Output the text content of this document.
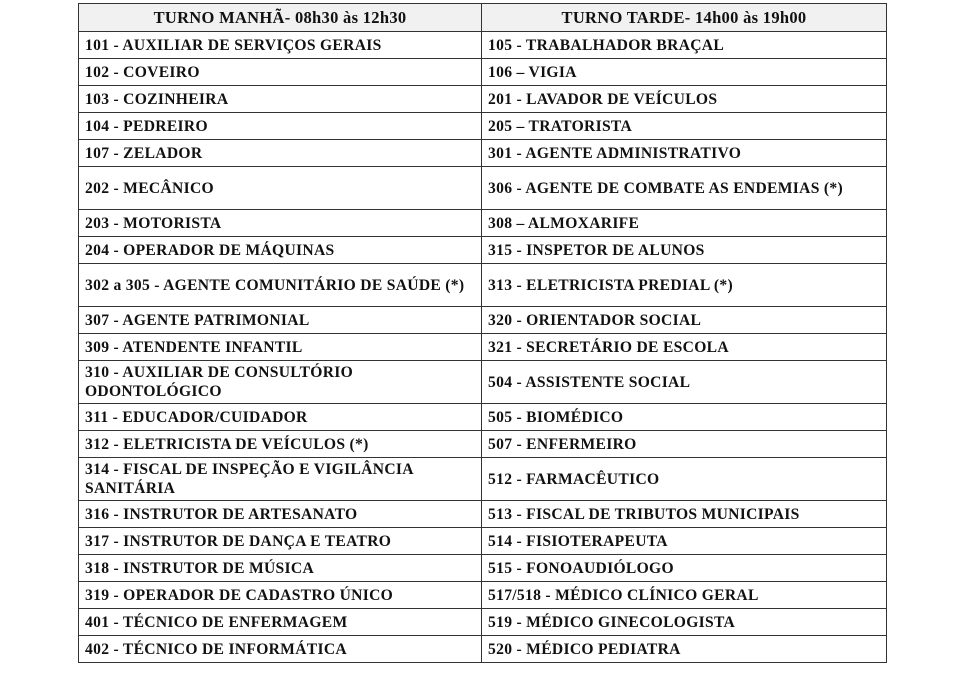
TURNO MANHÃ- 08h30 às 12h30	TURNO TARDE- 14h00 às 19h00
101 - AUXILIAR DE SERVIÇOS GERAIS	105 - TRABALHADOR BRAÇAL
102 - COVEIRO	106 – VIGIA
103 - COZINHEIRA	201 - LAVADOR DE VEÍCULOS
104 - PEDREIRO	205 – TRATORISTA
107 - ZELADOR	301 - AGENTE ADMINISTRATIVO
202 - MECÂNICO	306 - AGENTE DE COMBATE AS ENDEMIAS (*)
203 - MOTORISTA	308 – ALMOXARIFE
204 - OPERADOR DE MÁQUINAS	315 - INSPETOR DE ALUNOS
302 a 305 - AGENTE COMUNITÁRIO DE SAÚDE (*)	313 - ELETRICISTA PREDIAL (*)
307 - AGENTE PATRIMONIAL	320 - ORIENTADOR SOCIAL
309 - ATENDENTE INFANTIL	321 - SECRETÁRIO DE ESCOLA
310 - AUXILIAR DE CONSULTÓRIO ODONTOLÓGICO	504 - ASSISTENTE SOCIAL
311 - EDUCADOR/CUIDADOR	505 - BIOMÉDICO
312 - ELETRICISTA DE VEÍCULOS (*)	507 - ENFERMEIRO
314 - FISCAL DE INSPEÇÃO E VIGILÂNCIA SANITÁRIA	512 - FARMACÊUTICO
316 - INSTRUTOR DE ARTESANATO	513 - FISCAL DE TRIBUTOS MUNICIPAIS
317 - INSTRUTOR DE DANÇA E TEATRO	514 - FISIOTERAPEUTA
318 - INSTRUTOR DE MÚSICA	515 - FONOAUDIÓLOGO
319 - OPERADOR DE CADASTRO ÚNICO	517/518 - MÉDICO CLÍNICO GERAL
401 - TÉCNICO DE ENFERMAGEM	519 - MÉDICO GINECOLOGISTA
402 - TÉCNICO DE INFORMÁTICA	520 - MÉDICO PEDIATRA
